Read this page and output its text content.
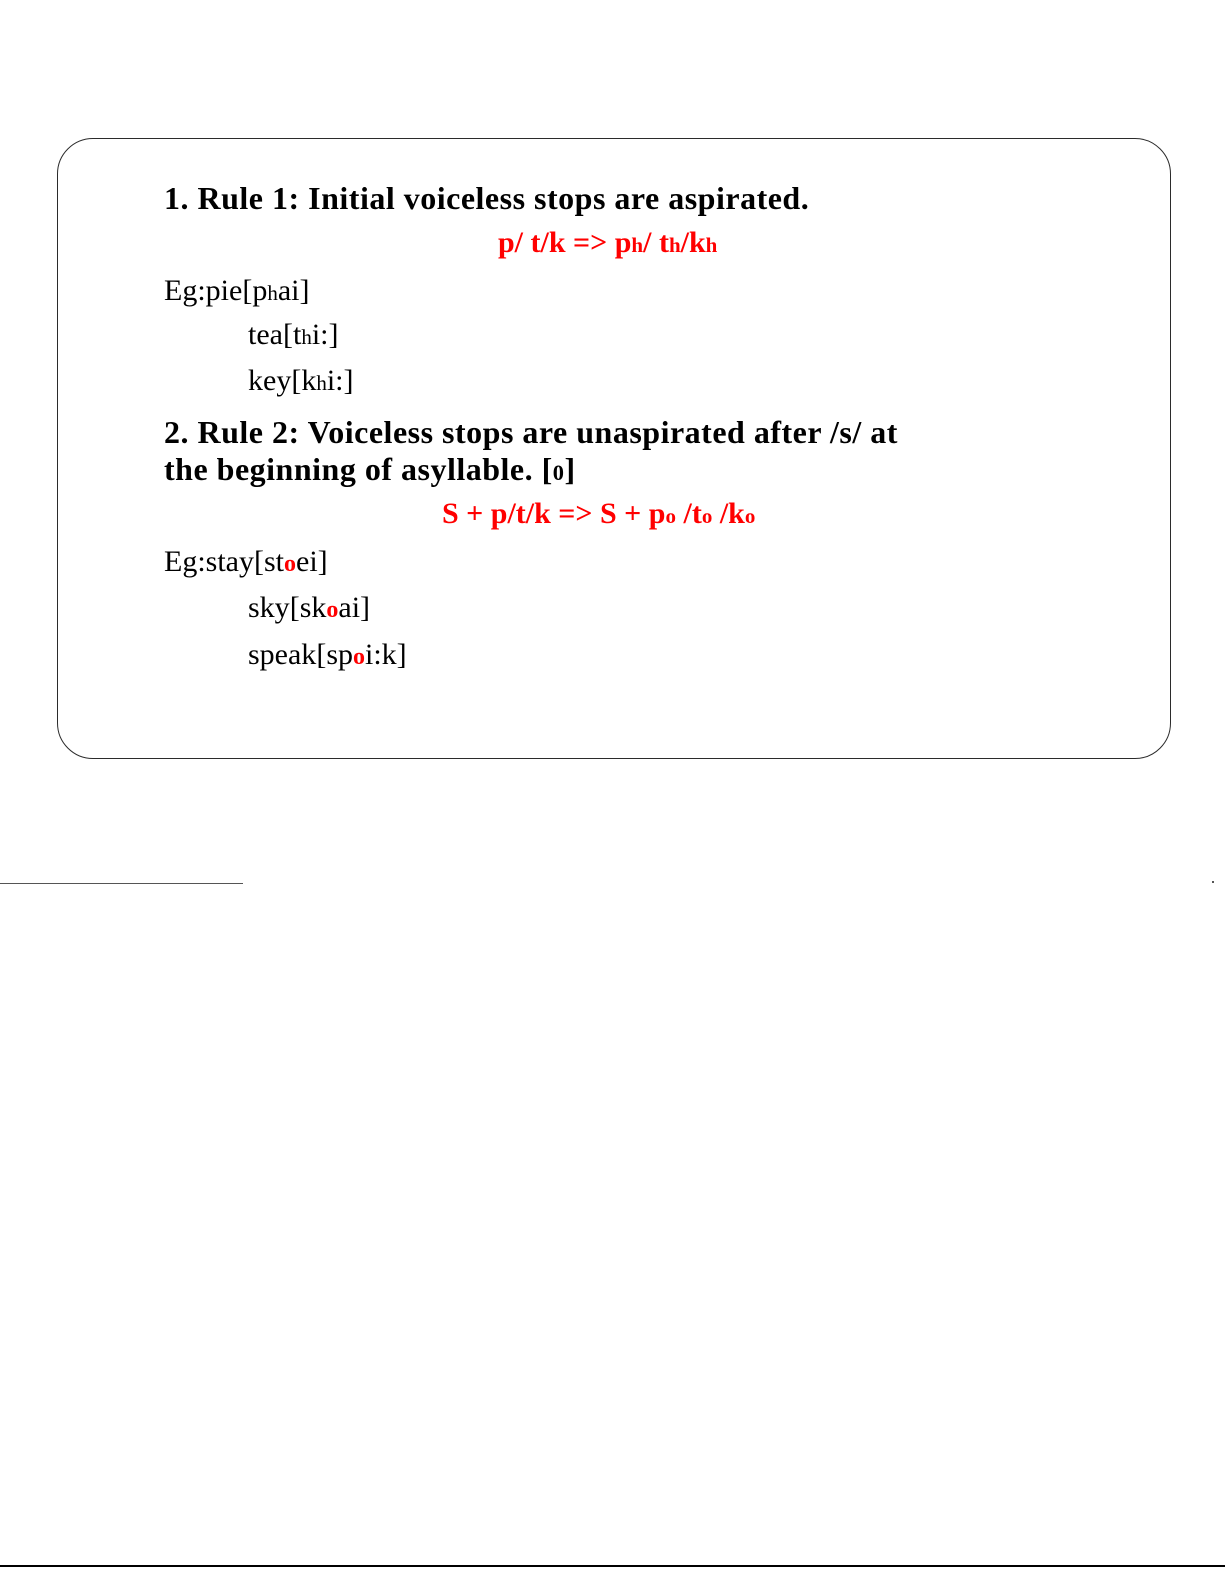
1. Rule 1: Initial voiceless stops are aspirated.
p/ t/k => ph/ th/kh
Eg:pie[phai]
tea[thi:]
key[khi:]
2. Rule 2: Voiceless stops are unaspirated after /s/ at
the beginning of asyllable. [0]
S + p/t/k => S + po /to /ko
Eg:stay[stoei]
sky[skoai]
speak[spoi:k]
